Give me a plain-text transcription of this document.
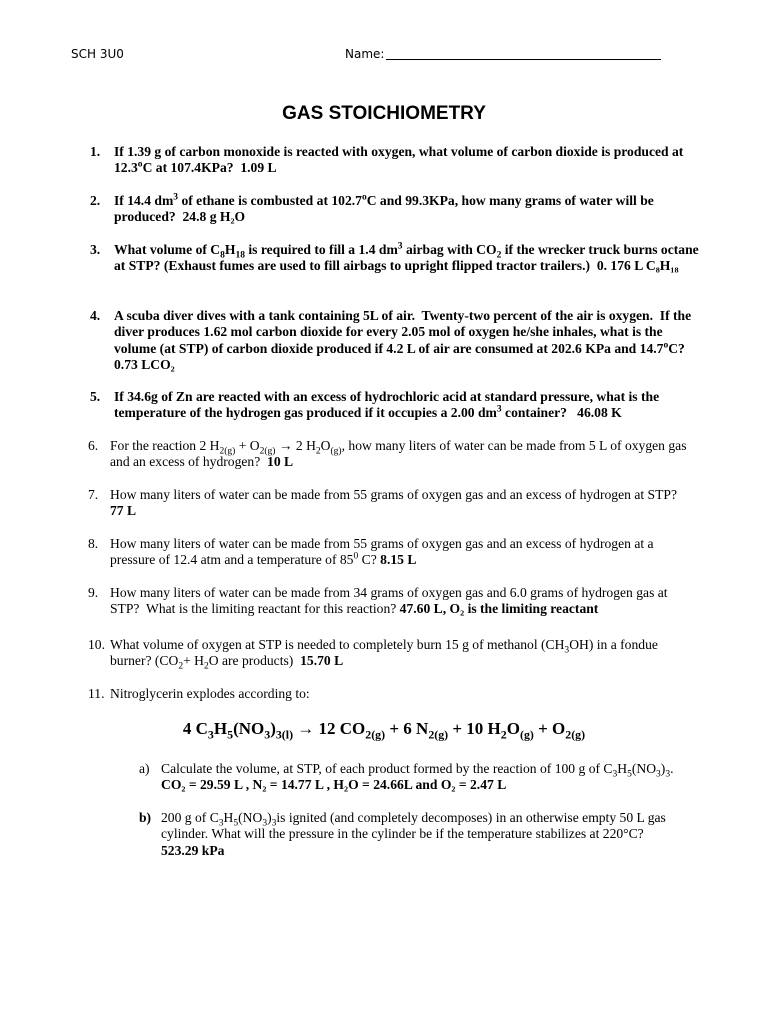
SCH 3U0	Name:
GAS STOICHIOMETRY
1. If 1.39 g of carbon monoxide is reacted with oxygen, what volume of carbon dioxide is produced at  12.3$^o$C at 107.4KPa?  1.09 L
2. If 14.4 $dm^3$ of ethane is combusted at 102.7$^o$C and 99.3KPa, how many grams of water will be produced?  24.8 g H₂O
3. What volume of $C_8H_{18}$ is required to fill a 1.4 $dm^3$ airbag with $CO_2$ if the wrecker truck burns octane at STP? (Exhaust fumes are used to fill airbags to upright flipped tractor trailers.)  0. 176 L C₈H₁₈
4. A scuba diver dives with a tank containing 5L of air.  Twenty-two percent of the air is oxygen.  If the diver produces 1.62 mol carbon dioxide for every 2.05 mol of oxygen he/she inhales, what is the volume (at STP) of carbon dioxide produced if 4.2 L of air are consumed at 202.6 KPa and 14.7$^o$C?   0.73 LCO₂
5. If 34.6g of Zn are reacted with an excess of hydrochloric acid at standard pressure, what is the temperature of the hydrogen gas produced if it occupies a 2.00 $dm^3$ container?   46.08 K
6. For the reaction 2 $H_{2(g)} + O_{2(g)} \to 2$ $H_2O_{(g)}$, how many liters of water can be made from 5 L of oxygen gas and an excess of hydrogen?  10 L
7. How many liters of water can be made from 55 grams of oxygen gas and an excess of hydrogen at STP?
77 L
8. How many liters of water can be made from 55 grams of oxygen gas and an excess of hydrogen at a pressure of 12.4 atm and a temperature of $85^0$ C? 8.15 L
9. How many liters of water can be made from 34 grams of oxygen gas and 6.0 grams of hydrogen gas at STP?  What is the limiting reactant for this reaction? 47.60 L, O₂ is the limiting reactant
10. What volume of oxygen at STP is needed to completely burn 15 g of methanol $(CH_3OH)$ in a fondue burner? ($CO_2+ H_2O$ are products)  15.70 L
11. Nitroglycerin explodes according to:
4 $C_3H_5(NO_3)_{3(l)} \to 12$ $CO_{2(g)} + 6$ $N_{2(g)} + 10$ $H_2O_{(g)} + O_{2(g)}$
a) Calculate the volume, at STP, of each product formed by the reaction of 100 g of $C_3H_5(NO_3)_3$.
CO₂ = 29.59 L , N₂ = 14.77 L , H₂O = 24.66L and O₂ = 2.47 L
b) 200 g of $C_3H_5(NO_3)_3is$ ignited (and completely decomposes) in an otherwise empty 50 L gas cylinder. What will the pressure in the cylinder be if the temperature stabilizes at 220°C?
523.29 kPa
